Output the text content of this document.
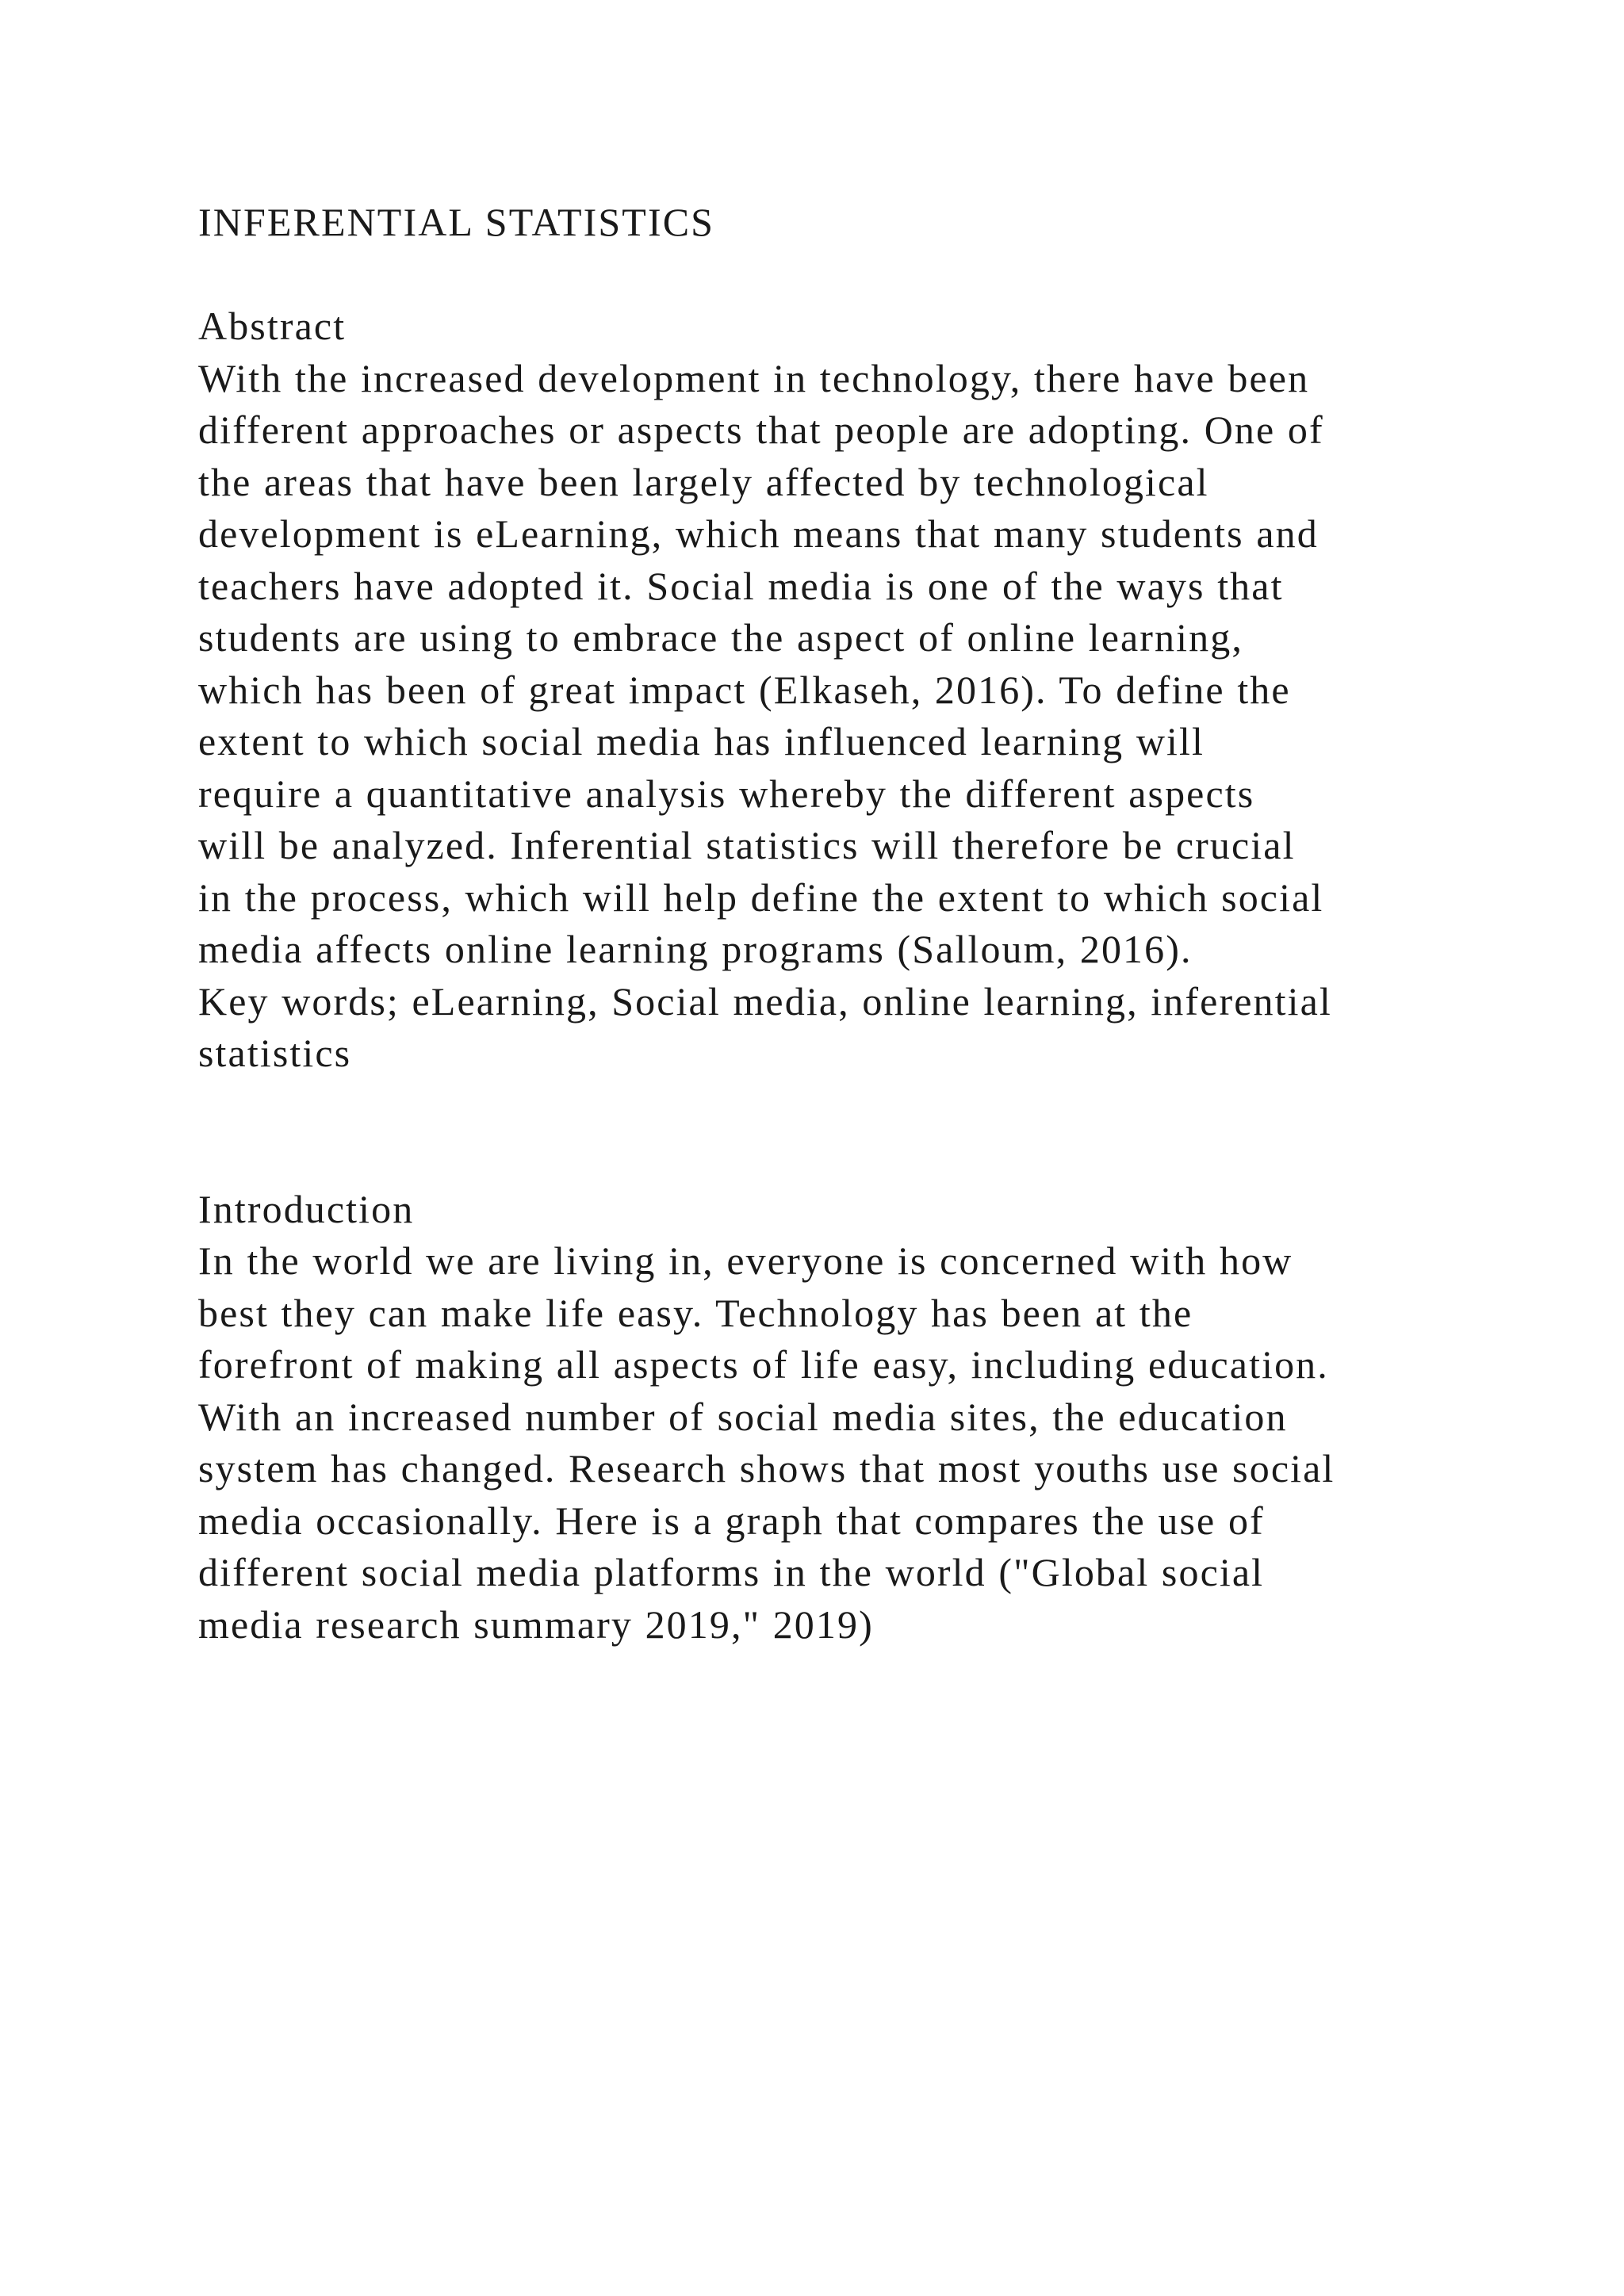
INFERENTIAL STATISTICS
Abstract
With the increased development in technology, there have been
different approaches or aspects that people are adopting. One of
the areas that have been largely affected by technological
development is eLearning, which means that many students and
teachers have adopted it. Social media is one of the ways that
students are using to embrace the aspect of online learning,
which has been of great impact (Elkaseh, 2016). To define the
extent to which social media has influenced learning will
require a quantitative analysis whereby the different aspects
will be analyzed. Inferential statistics will therefore be crucial
in the process, which will help define the extent to which social
media affects online learning programs (Salloum, 2016).
Key words; eLearning, Social media, online learning, inferential
statistics
Introduction
In the world we are living in, everyone is concerned with how
best they can make life easy. Technology has been at the
forefront of making all aspects of life easy, including education.
With an increased number of social media sites, the education
system has changed. Research shows that most youths use social
media occasionally. Here is a graph that compares the use of
different social media platforms in the world ("Global social
media research summary 2019," 2019)
